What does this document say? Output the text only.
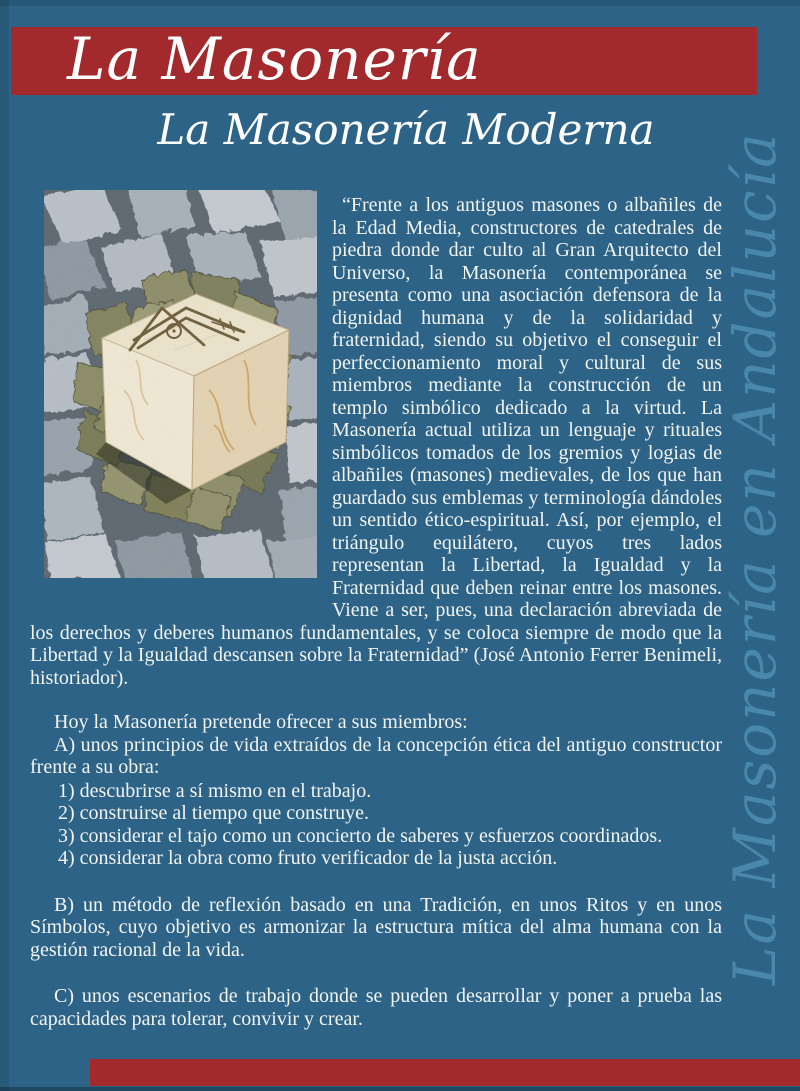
La Masonería
La Masonería Moderna
La Masonería en Andalucía

“Frente a los antiguos masones o albañiles de la Edad Media, constructores de catedrales de piedra donde dar culto al Gran Arquitecto del Universo, la Masonería contemporánea se presenta como una asociación defensora de la dignidad humana y de la solidaridad y fraternidad, siendo su objetivo el conseguir el perfeccionamiento moral y cultural de sus miembros mediante la construcción de un templo simbólico dedicado a la virtud. La Masonería actual utiliza un lenguaje y rituales simbólicos tomados de los gremios y logias de albañiles (masones) medievales, de los que han guardado sus emblemas y terminología dándoles un sentido ético-espiritual. Así, por ejemplo, el triángulo equilátero, cuyos tres lados representan la Libertad, la Igualdad y la Fraternidad que deben reinar entre los masones. Viene a ser, pues, una declaración abreviada de los derechos y deberes humanos fundamentales, y se coloca siempre de modo que la Libertad y la Igualdad descansen sobre la Fraternidad” (José Antonio Ferrer Benimeli, historiador).

Hoy la Masonería pretende ofrecer a sus miembros:

A) unos principios de vida extraídos de la concepción ética del antiguo constructor frente a su obra:

1) descubrirse a sí mismo en el trabajo.
2) construirse al tiempo que construye.
3) considerar el tajo como un concierto de saberes y esfuerzos coordinados.
4) considerar la obra como fruto verificador de la justa acción.

B) un método de reflexión basado en una Tradición, en unos Ritos y en unos Símbolos, cuyo objetivo es armonizar la estructura mítica del alma humana con la gestión racional de la vida.

C) unos escenarios de trabajo donde se pueden desarrollar y poner a prueba las capacidades para tolerar, convivir y crear.
